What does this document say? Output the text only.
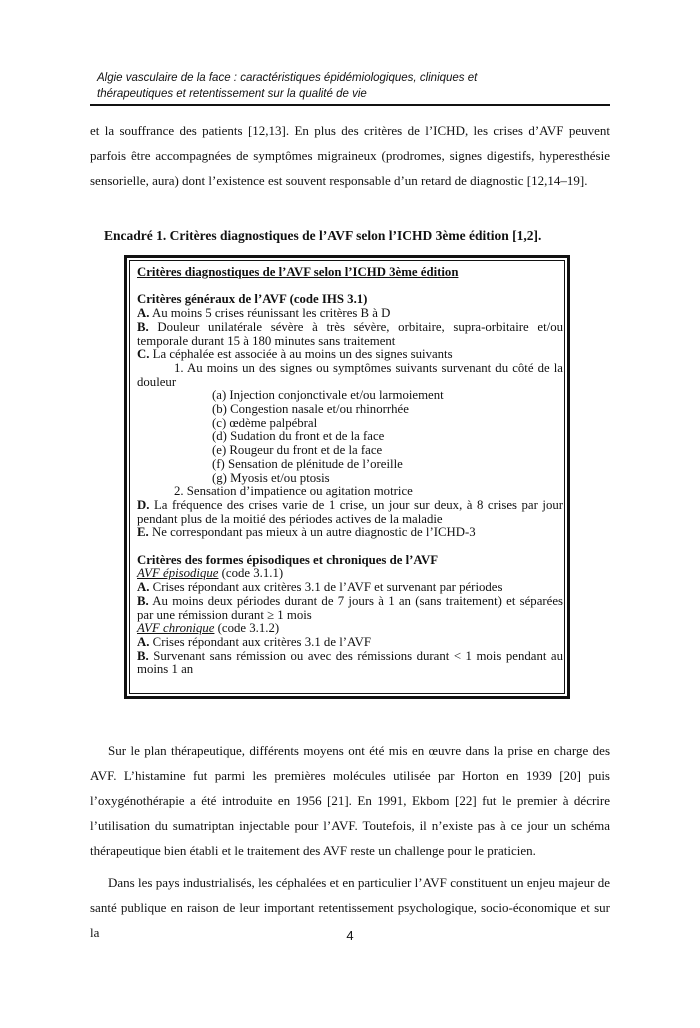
Algie vasculaire de la face : caractéristiques épidémiologiques, cliniques et
thérapeutiques et retentissement sur la qualité de vie

et la souffrance des patients [12,13]. En plus des critères de l’ICHD, les crises d’AVF peuvent parfois être accompagnées de symptômes migraineux (prodromes, signes digestifs, hyperesthésie sensorielle, aura) dont l’existence est souvent responsable d’un retard de diagnostic [12,14–19].

Encadré 1. Critères diagnostiques de l’AVF selon l’ICHD 3ème édition [1,2].

Critères diagnostiques de l’AVF selon l’ICHD 3ème édition

Critères généraux de l’AVF (code IHS 3.1)

A. Au moins 5 crises réunissant les critères B à D

B. Douleur unilatérale sévère à très sévère, orbitaire, supra-orbitaire et/ou temporale durant 15 à 180 minutes sans traitement

C. La céphalée est associée à au moins un des signes suivants

1. Au moins un des signes ou symptômes suivants survenant du côté de la douleur

(a) Injection conjonctivale et/ou larmoiement

(b) Congestion nasale et/ou rhinorrhée

(c) œdème palpébral

(d) Sudation du front et de la face

(e) Rougeur du front et de la face

(f) Sensation de plénitude de l’oreille

(g) Myosis et/ou ptosis

2. Sensation d’impatience ou agitation motrice

D. La fréquence des crises varie de 1 crise, un jour sur deux, à 8 crises par jour pendant plus de la moitié des périodes actives de la maladie

E. Ne correspondant pas mieux à un autre diagnostic de l’ICHD-3

Critères des formes épisodiques et chroniques de l’AVF

AVF épisodique (code 3.1.1)

A. Crises répondant aux critères 3.1 de l’AVF et survenant par périodes

B. Au moins deux périodes durant de 7 jours à 1 an (sans traitement) et séparées par une rémission durant ≥ 1 mois

AVF chronique (code 3.1.2)

A. Crises répondant aux critères 3.1 de l’AVF

B. Survenant sans rémission ou avec des rémissions durant < 1 mois pendant au moins 1 an

Sur le plan thérapeutique, différents moyens ont été mis en œuvre dans la prise en charge des AVF. L’histamine fut parmi les premières molécules utilisée par Horton en 1939 [20] puis l’oxygénothérapie a été introduite en 1956 [21]. En 1991, Ekbom [22] fut le premier à décrire l’utilisation du sumatriptan injectable pour l’AVF. Toutefois, il n’existe pas à ce jour un schéma thérapeutique bien établi et le traitement des AVF reste un challenge pour le praticien.

Dans les pays industrialisés, les céphalées et en particulier l’AVF constituent un enjeu majeur de santé publique en raison de leur important retentissement psychologique, socio-économique et sur la	4
